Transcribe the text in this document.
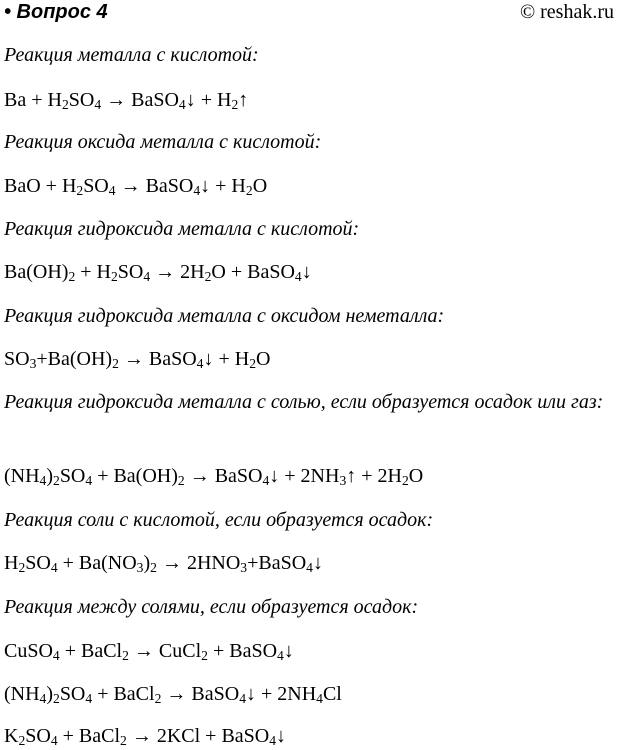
• Вопрос 4	© reshak.ru
Реакция металла с кислотой:
$Ba + H_2SO_4$ → BaSO$_4$↓ + $H_2↑$
Реакция оксида металла с кислотой:
BaO + $H_2SO_4$ → BaSO$_4$↓ + $H_2O$
Реакция гидроксида металла с кислотой:
$Ba(OH)_2 + H_2SO_4 \to 2H_2O$ + BaSO$_4$↓
Реакция гидроксида металла с оксидом неметалла:
$SO_3+Ba(OH)_2$ → BaSO$_4$↓ + $H_2O$
Реакция гидроксида металла с солью, если образуется осадок или газ:
$(NH_4)_2SO_4 + Ba(OH)_2$ → BaSO$_4$↓ + $2NH_3↑ + 2H_2O$
Реакция соли с кислотой, если образуется осадок:
$H_2SO_4 + Ba(NO_3)_2$ → $2HNO_3+BaSO_4↓$
Реакция между солями, если образуется осадок:
CuSO$_4$ + BaCl$_2$ → CuCl$_2$ + BaSO$_4$↓
$(NH_4)_2SO_4$ + BaCl$_2$ → BaSO$_4$↓ + $2NH_4Cl$
$K_2SO_4$ + BaCl$_2$ → 2KCl + BaSO$_4$↓
